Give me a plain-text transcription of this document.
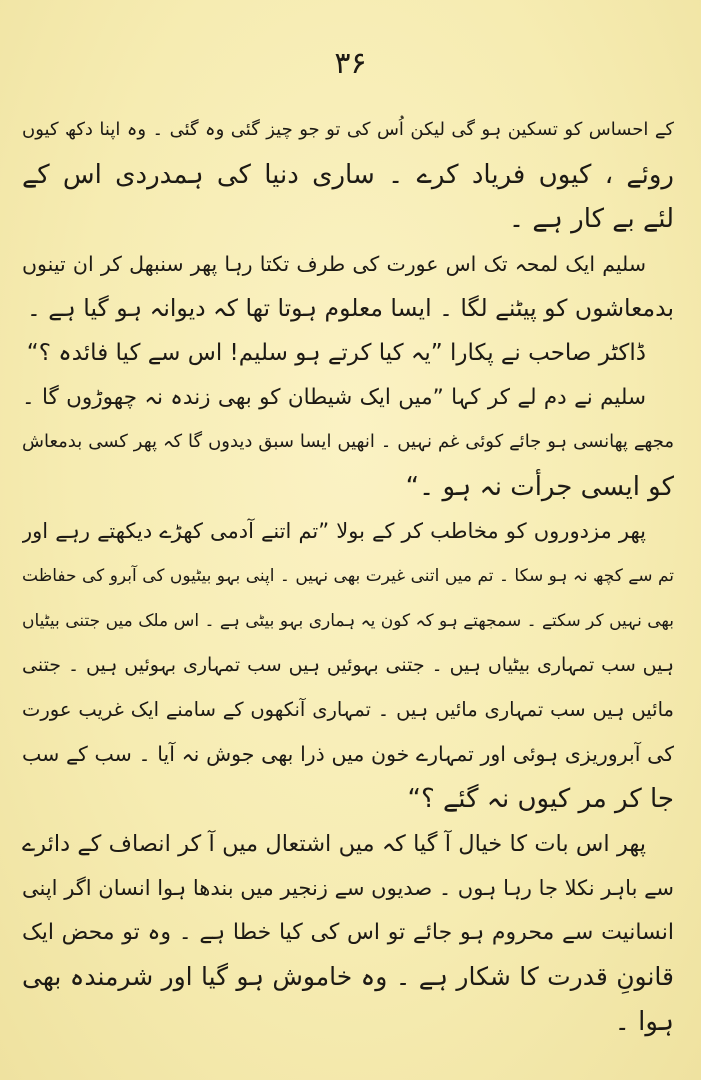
۳۶
کے احساس کو تسکین ہو گی لیکن اُس کی تو جو چیز گئی وہ گئی ۔ وہ اپنا دکھ کیوں
روئے ، کیوں فریاد کرے ۔ ساری دنیا کی ہمدردی اس کے
لئے بے کار ہے ۔
سلیم ایک لمحہ تک اس عورت کی طرف تکتا رہا پھر سنبھل کر ان تینوں
بدمعاشوں کو پیٹنے لگا ۔ ایسا معلوم ہوتا تھا کہ دیوانہ ہو گیا ہے ۔
ڈاکٹر صاحب نے پکارا ”یہ کیا کرتے ہو سلیم! اس سے کیا فائدہ ؟“
سلیم نے دم لے کر کہا ”میں ایک شیطان کو بھی زندہ نہ چھوڑوں گا ۔
مجھے پھانسی ہو جائے کوئی غم نہیں ۔ انھیں ایسا سبق دیدوں گا کہ پھر کسی بدمعاش
کو ایسی جرأت نہ ہو ۔“
پھر مزدوروں کو مخاطب کر کے بولا ”تم اتنے آدمی کھڑے دیکھتے رہے اور
تم سے کچھ نہ ہو سکا ۔ تم میں اتنی غیرت بھی نہیں ۔ اپنی بہو بیٹیوں کی آبرو کی حفاظت
بھی نہیں کر سکتے ۔ سمجھتے ہو کہ کون یہ ہماری بہو بیٹی ہے ۔ اس ملک میں جتنی بیٹیاں
ہیں سب تمہاری بیٹیاں ہیں ۔ جتنی بہوئیں ہیں سب تمہاری بہوئیں ہیں ۔ جتنی
مائیں ہیں سب تمہاری مائیں ہیں ۔ تمہاری آنکھوں کے سامنے ایک غریب عورت
کی آبروریزی ہوئی اور تمہارے خون میں ذرا بھی جوش نہ آیا ۔ سب کے سب
جا کر مر کیوں نہ گئے ؟“
پھر اس بات کا خیال آ گیا کہ میں اشتعال میں آ کر انصاف کے دائرے
سے باہر نکلا جا رہا ہوں ۔ صدیوں سے زنجیر میں بندھا ہوا انسان اگر اپنی
انسانیت سے محروم ہو جائے تو اس کی کیا خطا ہے ۔ وہ تو محض ایک
قانونِ قدرت کا شکار ہے ۔ وہ خاموش ہو گیا اور شرمندہ بھی
ہوا ۔
